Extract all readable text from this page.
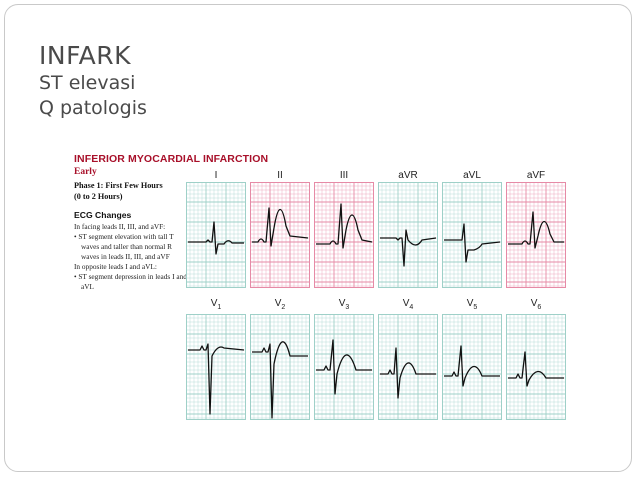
INFARK
ST elevasi
Q patologis
INFERIOR MYOCARDIAL INFARCTION
Early
Phase 1: First Few Hours
(0 to 2 Hours)
ECG Changes

In facing leads II, III, and aVF:

• ST segment elevation with tall T waves and taller than normal R waves in leads II, III, and aVF

In opposite leads I and aVL:

• ST segment depression in leads I and aVL

I	II	III	aVR	aVL	aVF
$V_1$	$V_2$	$V_3$	$V_4$	$V_5$	$V_6$
